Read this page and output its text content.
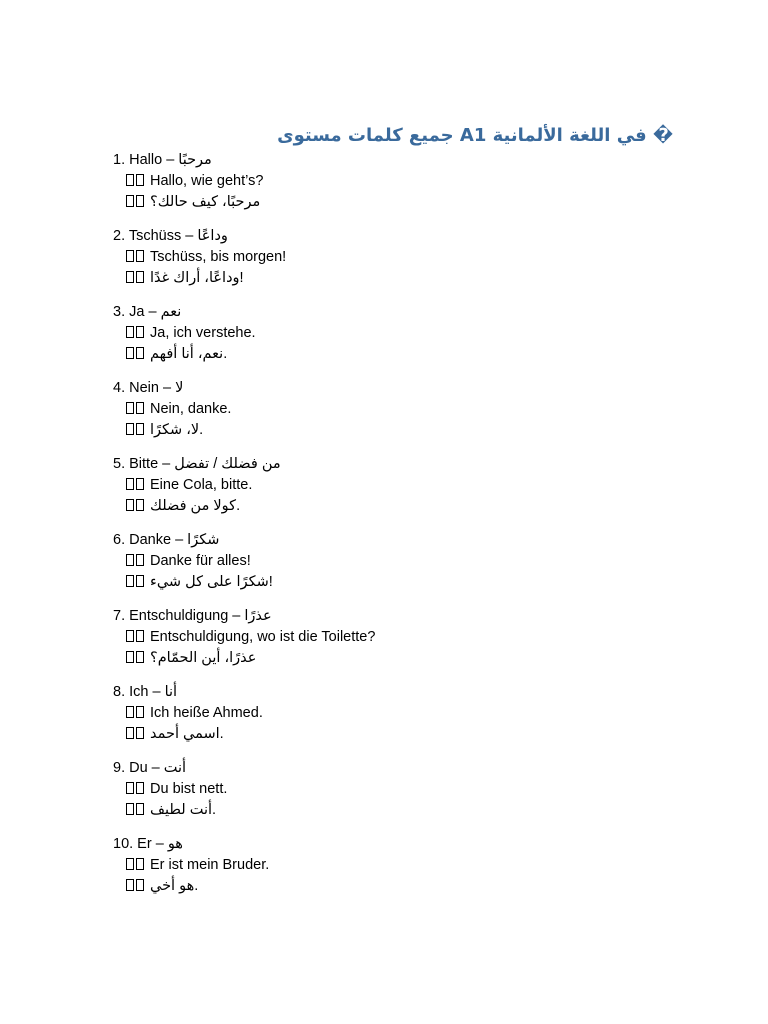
� في اللغة الألمانية A1 جميع كلمات مستوى
1. Hallo – مرحبًا
Hallo, wie geht’s?
مرحبًا، كيف حالك؟
2. Tschüss – وداعًا
Tschüss, bis morgen!
وداعًا، أراك غدًا!
3. Ja – نعم
Ja, ich verstehe.
نعم، أنا أفهم.
4. Nein – لا
Nein, danke.
لا، شكرًا.
5. Bitte – من فضلك / تفضل
Eine Cola, bitte.
كولا من فضلك.
6. Danke – شكرًا
Danke für alles!
شكرًا على كل شيء!
7. Entschuldigung – عذرًا
Entschuldigung, wo ist die Toilette?
عذرًا، أين الحمّام؟
8. Ich – أنا
Ich heiße Ahmed.
اسمي أحمد.
9. Du – أنت
Du bist nett.
أنت لطيف.
10. Er – هو
Er ist mein Bruder.
هو أخي.
